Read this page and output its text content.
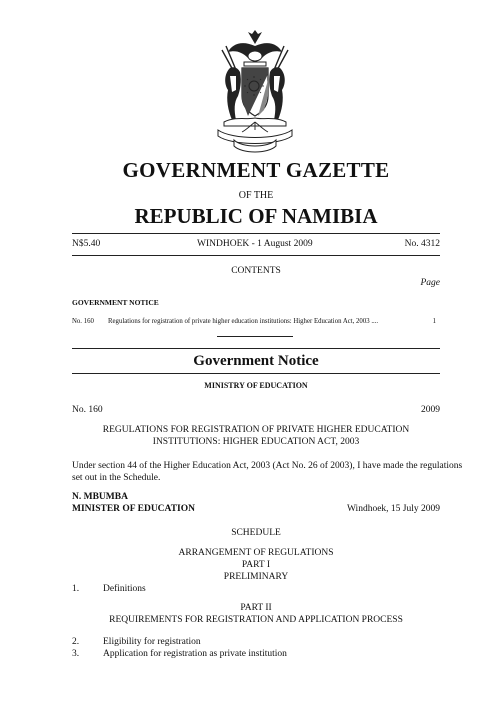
GOVERNMENT GAZETTE
OF THE
REPUBLIC OF NAMIBIA
N$5.40	WINDHOEK - 1 August 2009	No. 4312
CONTENTS
Page
GOVERNMENT NOTICE
No. 160 Regulations for registration of private higher education institutions: Higher Education Act, 2003 ....	1
Government Notice
MINISTRY OF EDUCATION
No. 160	2009
REGULATIONS FOR REGISTRATION OF PRIVATE HIGHER EDUCATION
INSTITUTIONS: HIGHER EDUCATION ACT, 2003
Under section 44 of the Higher Education Act, 2003 (Act No. 26 of 2003), I have made the regulations
set out in the Schedule.
N. MBUMBA
MINISTER OF EDUCATION	Windhoek, 15 July 2009
SCHEDULE
ARRANGEMENT OF REGULATIONS
PART I
PRELIMINARY
1.	Definitions
PART II
REQUIREMENTS FOR REGISTRATION AND APPLICATION PROCESS
2.	Eligibility for registration
3.	Application for registration as private institution
